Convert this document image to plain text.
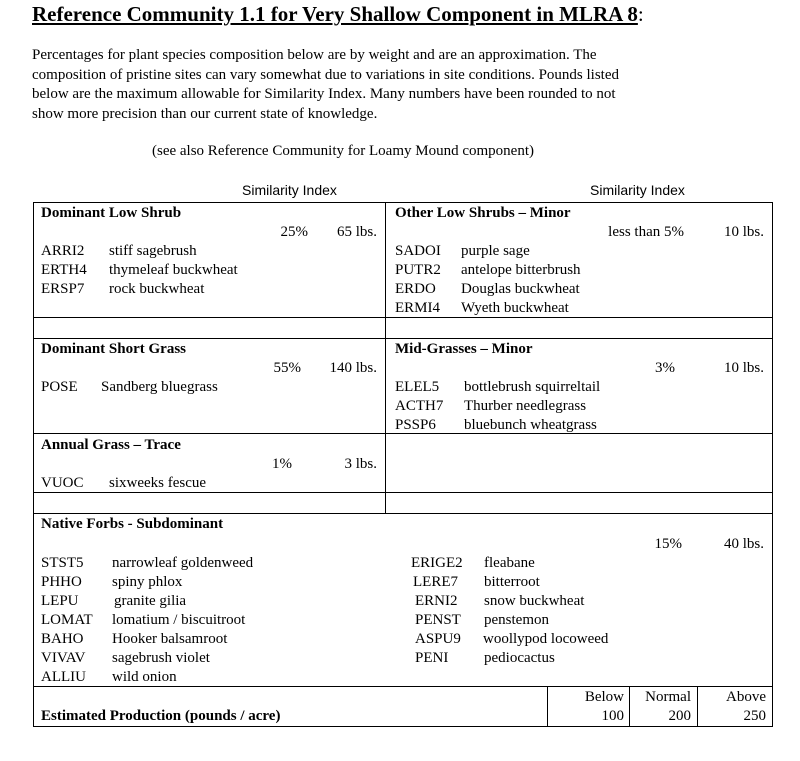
Reference Community 1.1 for Very Shallow Component in MLRA 8:
Percentages for plant species composition below are by weight and are an approximation. The
composition of pristine sites can vary somewhat due to variations in site conditions. Pounds listed
below are the maximum allowable for Similarity Index. Many numbers have been rounded to not
show more precision than our current state of knowledge.
(see also Reference Community for Loamy Mound component)
Similarity Index	Similarity Index
Dominant Low Shrub
25%	65 lbs.
ARRI2 stiff sagebrush
ERTH4 thymeleaf buckwheat
ERSP7 rock buckwheat
Other Low Shrubs – Minor
less than 5%	10 lbs.
SADOI purple sage
PUTR2 antelope bitterbrush
ERDO Douglas buckwheat
ERMI4 Wyeth buckwheat
Dominant Short Grass
55%	140 lbs.
POSE Sandberg bluegrass
Mid-Grasses – Minor
3%	10 lbs.
ELEL5 bottlebrush squirreltail
ACTH7 Thurber needlegrass
PSSP6 bluebunch wheatgrass
Annual Grass – Trace
1%	3 lbs.
VUOC sixweeks fescue
Native Forbs - Subdominant
15%	40 lbs.
STST5 narrowleaf goldenweed
PHHO spiny phlox
LEPU granite gilia
LOMAT lomatium / biscuitroot
BAHO Hooker balsamroot
VIVAV sagebrush violet
ALLIU wild onion
ERIGE2 fleabane
LERE7 bitterroot
ERNI2 snow buckwheat
PENST penstemon
ASPU9 woollypod locoweed
PENI pediocactus
Below	Normal	Above
Estimated Production (pounds / acre)	100	200	250
